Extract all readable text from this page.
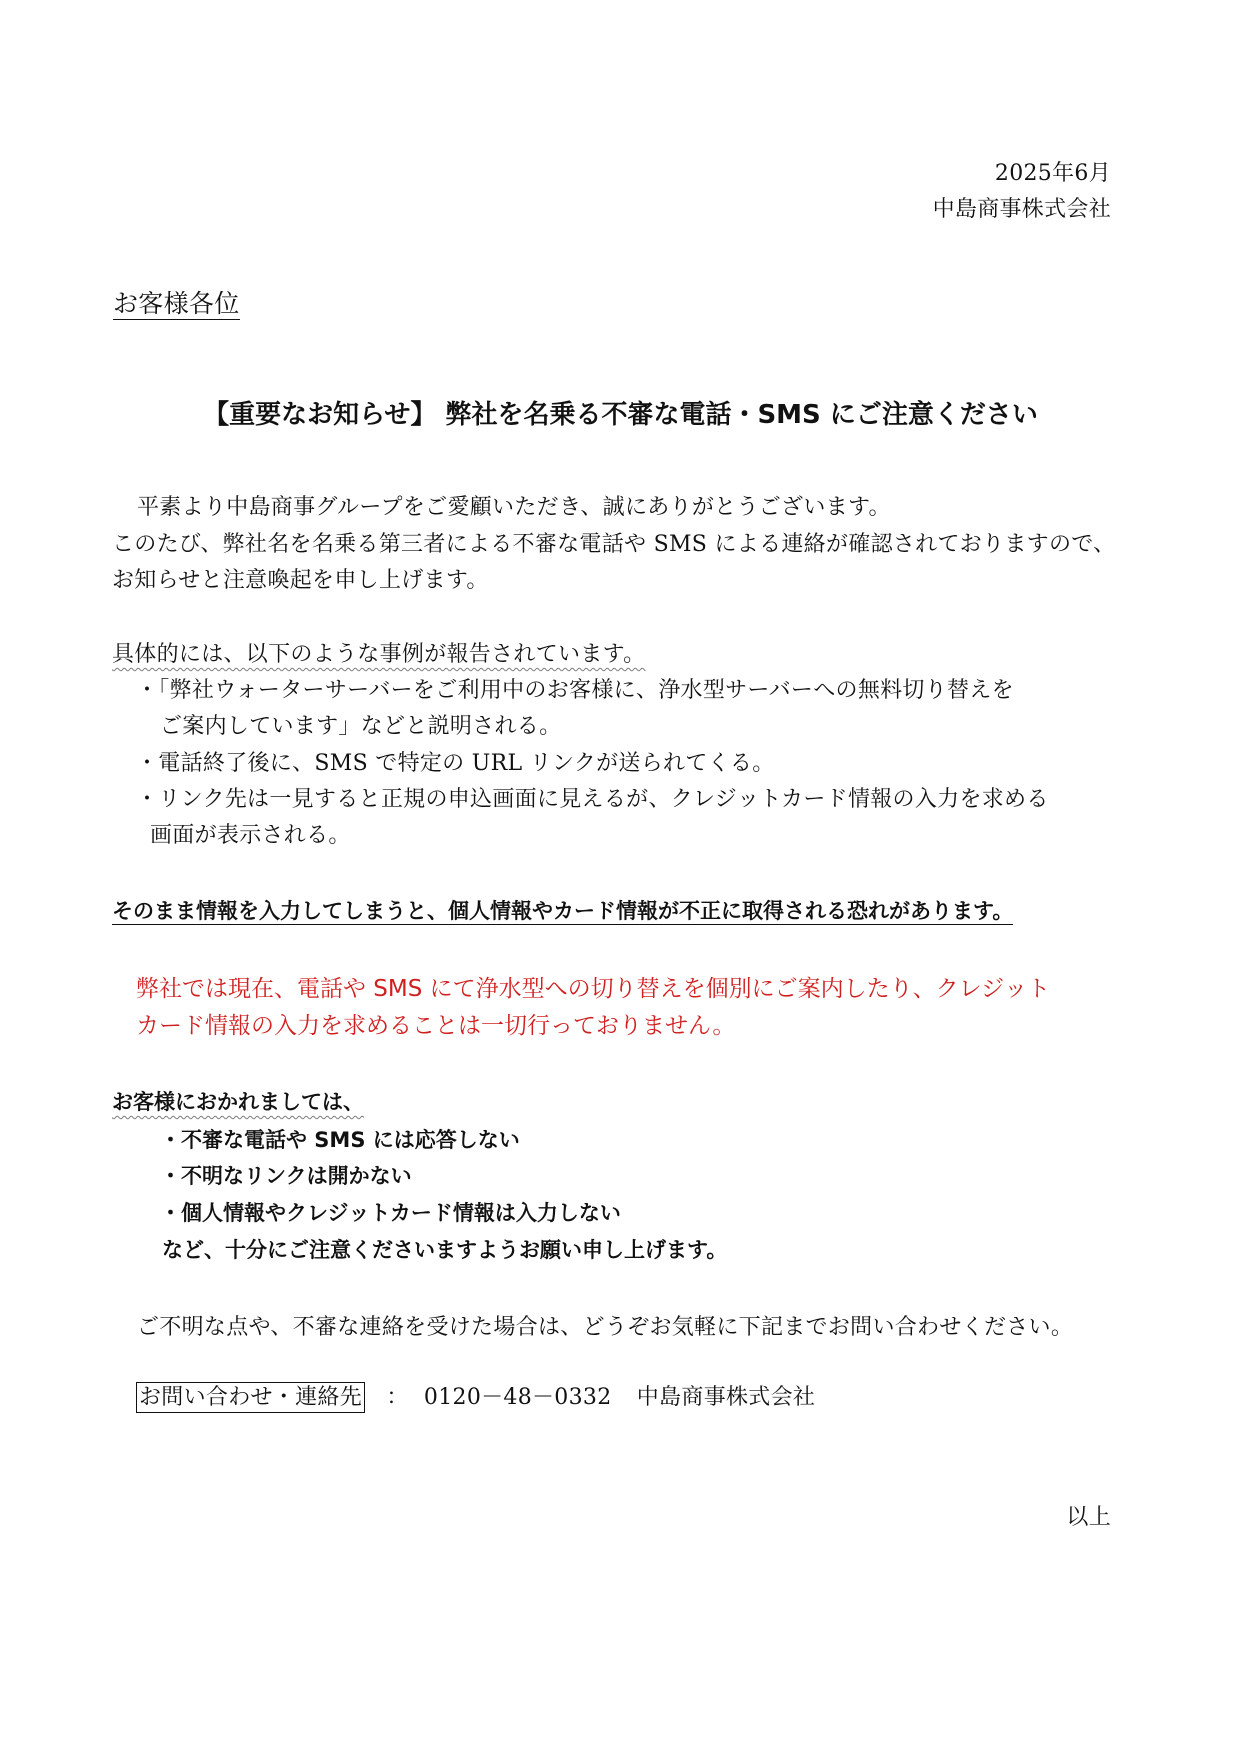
2025年6月
中島商事株式会社
お客様各位
【重要なお知らせ】 弊社を名乗る不審な電話・SMS にご注意ください
平素より中島商事グループをご愛顧いただき、誠にありがとうございます。
このたび、弊社名を名乗る第三者による不審な電話や SMS による連絡が確認されておりますので、
お知らせと注意喚起を申し上げます。
具体的には、以下のような事例が報告されています。
・「弊社ウォーターサーバーをご利用中のお客様に、浄水型サーバーへの無料切り替えを
ご案内しています」などと説明される。
・電話終了後に、SMS で特定の URL リンクが送られてくる。
・リンク先は一見すると正規の申込画面に見えるが、クレジットカード情報の入力を求める
画面が表示される。
そのまま情報を入力してしまうと、個人情報やカード情報が不正に取得される恐れがあります。
弊社では現在、電話や SMS にて浄水型への切り替えを個別にご案内したり、クレジット
カード情報の入力を求めることは一切行っておりません。
お客様におかれましては、
・不審な電話や SMS には応答しない
・不明なリンクは開かない
・個人情報やクレジットカード情報は入力しない
など、十分にご注意くださいますようお願い申し上げます。
ご不明な点や、不審な連絡を受けた場合は、どうぞお気軽に下記までお問い合わせください。
お問い合わせ・連絡先 ： 0120－48－0332 中島商事株式会社
以上
